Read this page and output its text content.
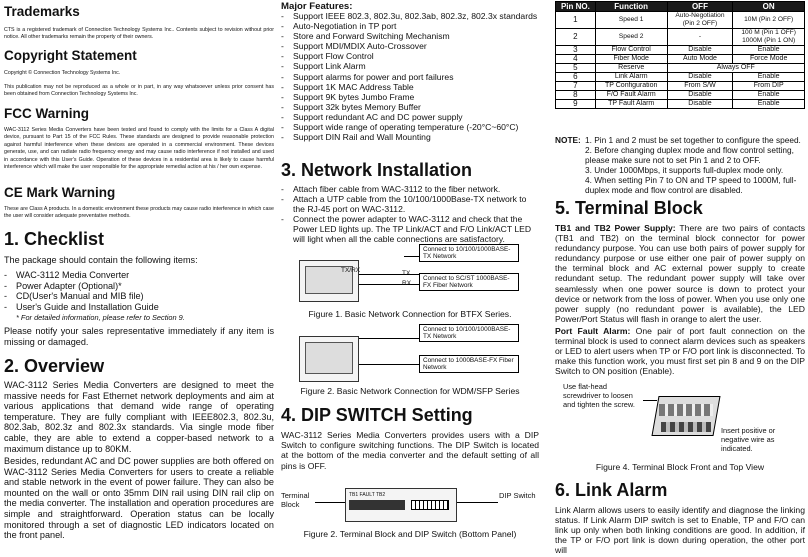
Trademarks

CTS is a registered trademark of Connection Technology Systems Inc.. Contents subject to revision without prior notice. All other trademarks remain the property of their owners.

Copyright Statement

Copyright © Connection Technology Systems Inc.

This publication may not be reproduced as a whole or in part, in any way whatsoever unless prior consent has been obtained from Connection Technology Systems Inc.

FCC Warning

WAC-3112 Series Media Converters have been tested and found to comply with the limits for a Class A digital device, pursuant to Part 15 of the FCC Rules. These standards are designed to provide reasonable protection against harmful interference when these devices are operated in a commercial environment. These devices generate, use, and can radiate radio frequency energy and may cause radio interference if not installed and used in accordance with this User's Guide. Operation of these devices in a residential area is likely to cause harmful interference which will make the user responsible for the appropriate remedial action at his / her own expense.

CE Mark Warning

These are Class A products. In a domestic environment these products may cause radio interference in which case the user will consider adequate preventative methods.

1. Checklist

The package should contain the following items:

- WAC-3112 Media Converter
- Power Adapter (Optional)*
- CD(User's Manual and MIB file)
- User's Guide and Installation Guide

* For detailed information, please refer to Section 9.

Please notify your sales representative immediately if any item is missing or damaged.

2. Overview

WAC-3112 Series Media Converters are designed to meet the massive needs for Fast Ethernet network deployments and aim at various applications that demand wide range of operating temperature. They are fully compliant with IEEE802.3, 802.3u, 802.3ab, 802.3z and 802.3x standards. Via single mode fiber cable, they are able to extend a copper-based network to a maximum distance up to 80KM.

Besides, redundant AC and DC power supplies are both offered on WAC-3112 Series Media Converters for users to create a reliable and stable network in the event of power failure. They can also be mounted on the wall or onto 35mm DIN rail using DIN rail clip on the media converter. The installation and operation procedures are simple and straightforward. Operation status can be locally monitored through a set of diagnostic LED indicators located on the front panel.

Major Features:
- Support IEEE 802.3, 802.3u, 802.3ab, 802.3z, 802.3x standards
- Auto-Negotiation in TP port
- Store and Forward Switching Mechanism
- Support MDI/MDIX Auto-Crossover
- Support Flow Control
- Support Link Alarm
- Support alarms for power and port failures
- Support 1K MAC Address Table
- Support 9K bytes Jumbo Frame
- Support 32k bytes Memory Buffer
- Support redundant AC and DC power supply
- Support wide range of operating temperature (-20°C~60°C)
- Support DIN Rail and Wall Mounting
3. Network Installation
- Attach fiber cable from WAC-3112 to the fiber network.
- Attach a UTP cable from the 10/100/1000Base-TX network to the RJ-45 port on WAC-3112.
- Connect the power adapter to WAC-3112 and check that the Power LED lights up. The TP Link/ACT and F/O Link/ACT LED will light when all the cable connections are satisfactory.
TX/RX	TX
RX
Connect to 10/100/1000BASE-TX Network
Connect to SC/ST 1000BASE-FX Fiber Network

Figure 1. Basic Network Connection for BTFX Series.

Connect to 10/100/1000BASE-TX Network
Connect to 1000BASE-FX Fiber Network

Figure 2. Basic Network Connection for WDM/SFP Series

4. DIP SWITCH Setting

WAC-3112 Series Media Converters provides users with a DIP Switch to configure switching functions. The DIP Switch is located at the bottom of the media converter and the default setting of all pins is OFF.

Terminal Block
DIP Switch
TB1 FAULT TB2

Figure 2. Terminal Block and DIP Switch (Bottom Panel)

Pin NO.	Function	OFF	ON
1	Speed 1	Auto-Negotiation (Pin 2 OFF)	10M (Pin 2 OFF)
2	Speed 2	-	100 M (Pin 1 OFF) 1000M (Pin 1 ON)
3	Flow Control	Disable	Enable
4	Fiber Mode	Auto Mode	Force Mode
5	Reserve	Always OFF	
6	Link Alarm	Disable	Enable
7	TP Configuration	From S/W	From DIP
8	F/O Fault Alarm	Disable	Enable
9	TP Fault Alarm	Disable	Enable
NOTE: 1. Pin 1 and 2 must be set together to configure the speed.
2. Before changing duplex mode and flow control setting, please make sure not to set Pin 1 and 2 to OFF.
3. Under 1000Mbps, it supports full-duplex mode only.
4. When setting Pin 7 to ON and TP speed to 1000M, full-duplex mode and flow control are disabled.
5. Terminal Block

TB1 and TB2 Power Supply: There are two pairs of contacts (TB1 and TB2) on the terminal block connector for power redundancy purpose. You can use both pairs of power supply for redundancy purpose or use either one pair of power supply on the terminal block and AC external power supply to create redundant setup. The redundant power supply will take over seamlessly when one power source is down to protect your device or network from the loss of power. When you use only one power supply (no redundant power is available), the LED Power/Port Status will flash in orange to alert the user.

Port Fault Alarm: One pair of port fault connection on the terminal block is used to connect alarm devices such as speakers or LED to alert users when TP or F/O port link is disconnected. To make this function work, you must first set pin 8 and 9 on the DIP Switch to ON position (Enable).

Use flat-head screwdriver to loosen and tighten the screw.
Insert positive or negative wire as indicated.

Figure 4. Terminal Block Front and Top View

6. Link Alarm

Link Alarm allows users to easily identify and diagnose the linking status. If Link Alarm DIP switch is set to Enable, TP and F/O can link up only when both linking conditions are good. In addition, if the TP or F/O port link is down during operation, the other port will
